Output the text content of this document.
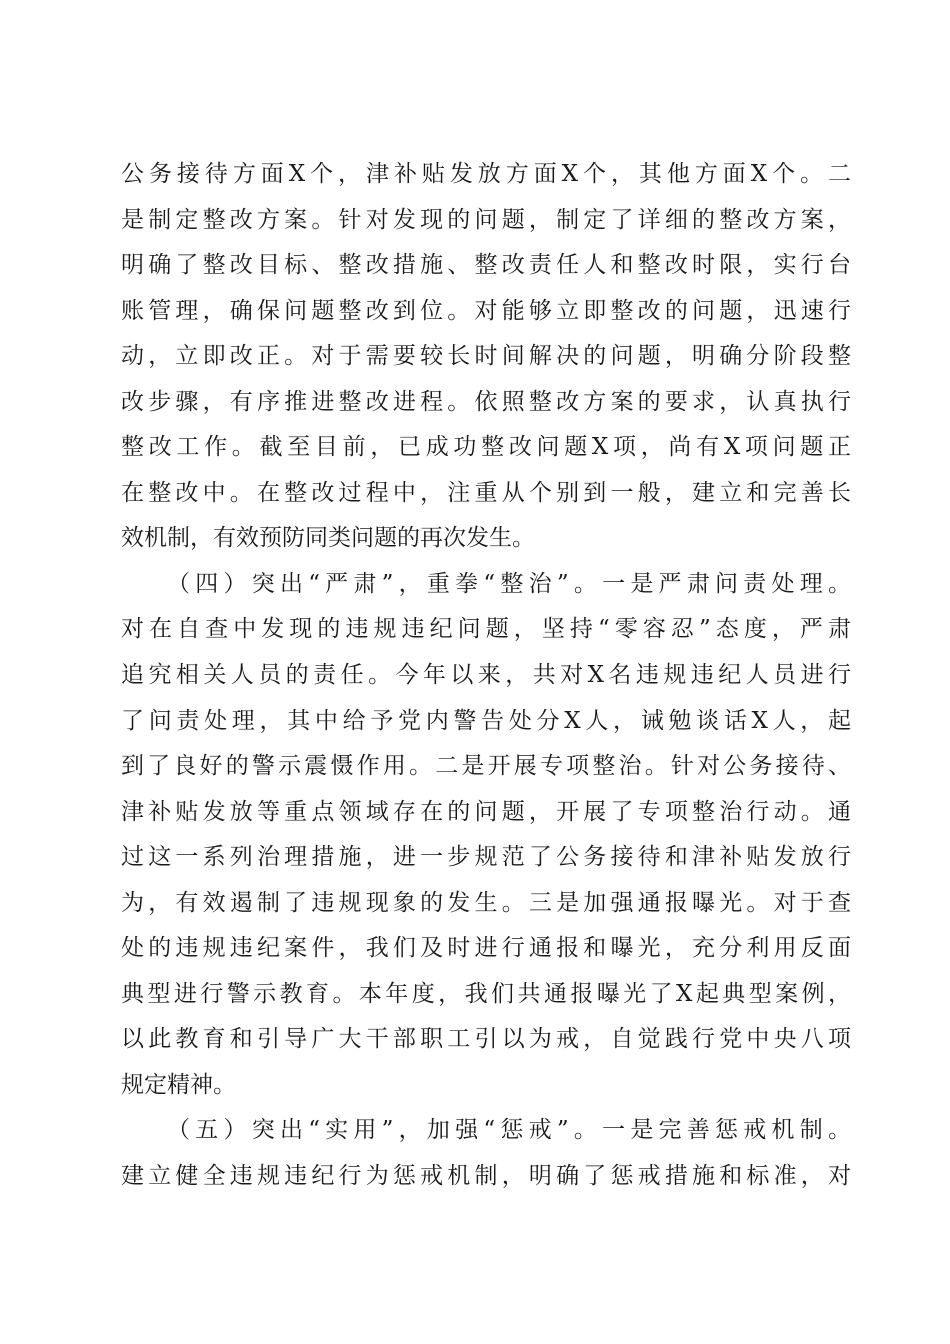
公务接待方面X个，津补贴发放方面X个，其他方面X个。二
是制定整改方案。针对发现的问题，制定了详细的整改方案，
明确了整改目标、整改措施、整改责任人和整改时限，实行台
账管理，确保问题整改到位。对能够立即整改的问题，迅速行
动，立即改正。对于需要较长时间解决的问题，明确分阶段整
改步骤，有序推进整改进程。依照整改方案的要求，认真执行
整改工作。截至目前，已成功整改问题X项，尚有X项问题正
在整改中。在整改过程中，注重从个别到一般，建立和完善长
效机制，有效预防同类问题的再次发生。
（四）突出“严肃”，重拳“整治”。一是严肃问责处理。
对在自查中发现的违规违纪问题，坚持“零容忍”态度，严肃
追究相关人员的责任。今年以来，共对X名违规违纪人员进行
了问责处理，其中给予党内警告处分X人，诫勉谈话X人，起
到了良好的警示震慑作用。二是开展专项整治。针对公务接待、
津补贴发放等重点领域存在的问题，开展了专项整治行动。通
过这一系列治理措施，进一步规范了公务接待和津补贴发放行
为，有效遏制了违规现象的发生。三是加强通报曝光。对于查
处的违规违纪案件，我们及时进行通报和曝光，充分利用反面
典型进行警示教育。本年度，我们共通报曝光了X起典型案例，
以此教育和引导广大干部职工引以为戒，自觉践行党中央八项
规定精神。
（五）突出“实用”，加强“惩戒”。一是完善惩戒机制。
建立健全违规违纪行为惩戒机制，明确了惩戒措施和标准，对
